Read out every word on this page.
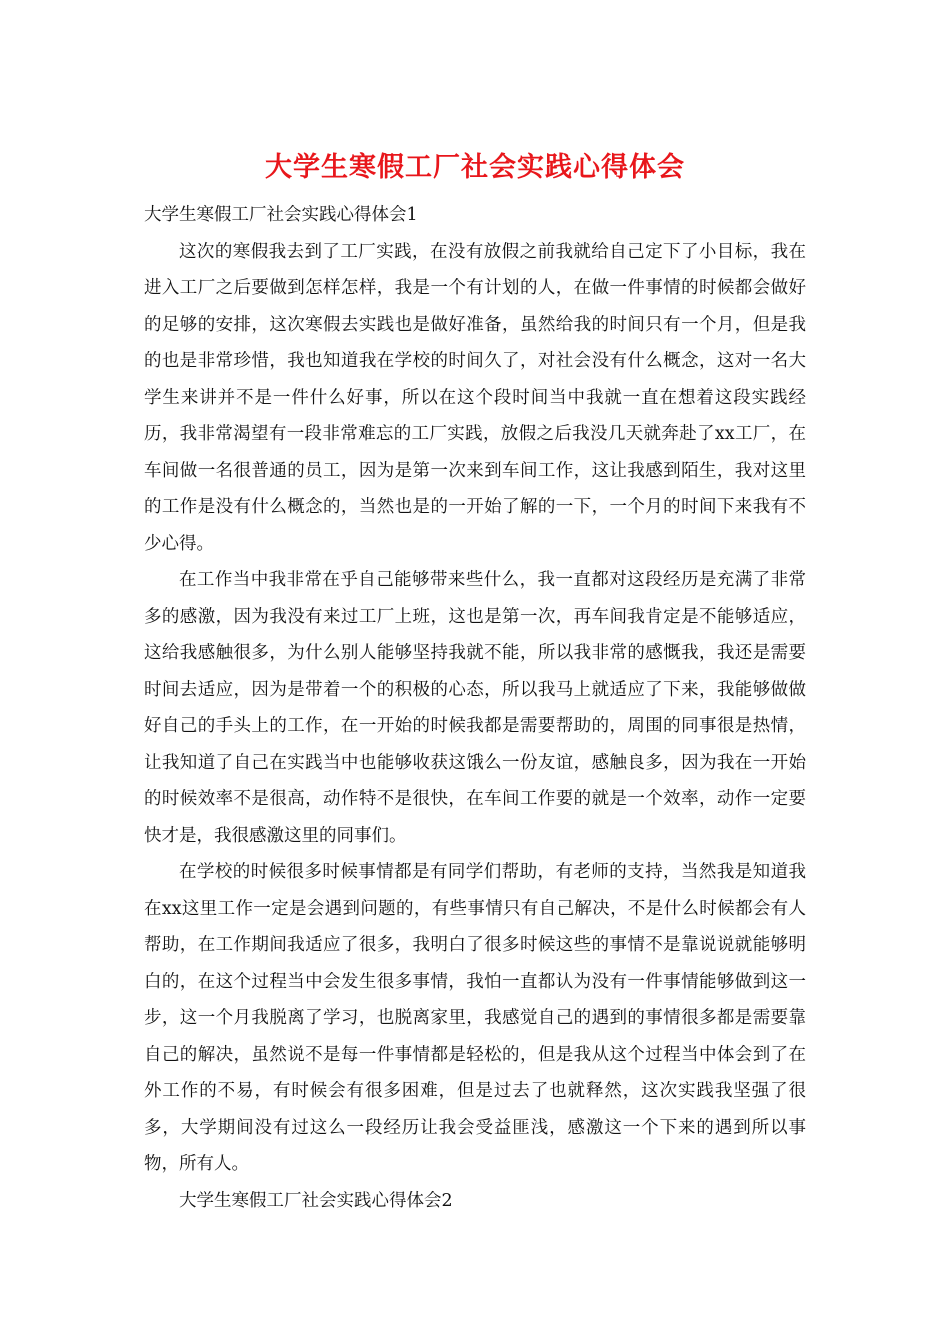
大学生寒假工厂社会实践心得体会

大学生寒假工厂社会实践心得体会1

这次的寒假我去到了工厂实践，在没有放假之前我就给自己定下了小目标，我在进入工厂之后要做到怎样怎样，我是一个有计划的人，在做一件事情的时候都会做好的足够的安排，这次寒假去实践也是做好准备，虽然给我的时间只有一个月，但是我的也是非常珍惜，我也知道我在学校的时间久了，对社会没有什么概念，这对一名大学生来讲并不是一件什么好事，所以在这个段时间当中我就一直在想着这段实践经历，我非常渴望有一段非常难忘的工厂实践，放假之后我没几天就奔赴了xx工厂，在车间做一名很普通的员工，因为是第一次来到车间工作，这让我感到陌生，我对这里的工作是没有什么概念的，当然也是的一开始了解的一下，一个月的时间下来我有不少心得。

在工作当中我非常在乎自己能够带来些什么，我一直都对这段经历是充满了非常多的感激，因为我没有来过工厂上班，这也是第一次，再车间我肯定是不能够适应，这给我感触很多，为什么别人能够坚持我就不能，所以我非常的感慨我，我还是需要时间去适应，因为是带着一个的积极的心态，所以我马上就适应了下来，我能够做做好自己的手头上的工作，在一开始的时候我都是需要帮助的，周围的同事很是热情，让我知道了自己在实践当中也能够收获这饿么一份友谊，感触良多，因为我在一开始的时候效率不是很高，动作特不是很快，在车间工作要的就是一个效率，动作一定要快才是，我很感激这里的同事们。

在学校的时候很多时候事情都是有同学们帮助，有老师的支持，当然我是知道我在xx这里工作一定是会遇到问题的，有些事情只有自己解决，不是什么时候都会有人帮助，在工作期间我适应了很多，我明白了很多时候这些的事情不是靠说说就能够明白的，在这个过程当中会发生很多事情，我怕一直都认为没有一件事情能够做到这一步，这一个月我脱离了学习，也脱离家里，我感觉自己的遇到的事情很多都是需要靠自己的解决，虽然说不是每一件事情都是轻松的，但是我从这个过程当中体会到了在外工作的不易，有时候会有很多困难，但是过去了也就释然，这次实践我坚强了很多，大学期间没有过这么一段经历让我会受益匪浅，感激这一个下来的遇到所以事物，所有人。

大学生寒假工厂社会实践心得体会2
